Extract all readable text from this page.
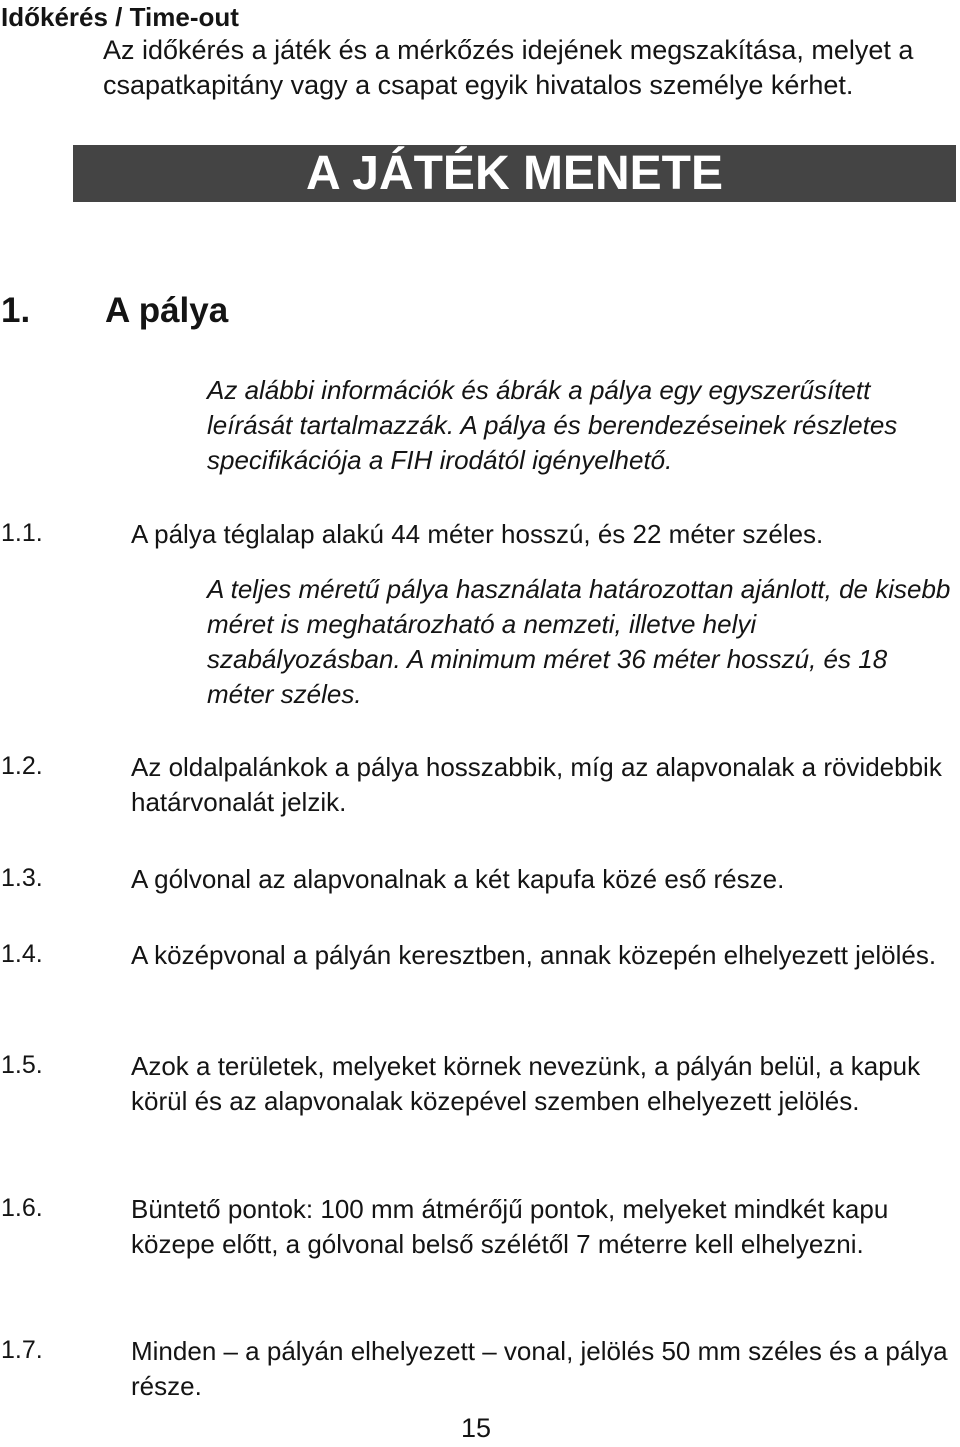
Időkérés / Time-out
Az időkérés a játék és a mérkőzés idejének megszakítása, melyet a csapatkapitány vagy a csapat egyik hivatalos személye kérhet.
A JÁTÉK MENETE
1. A pálya
Az alábbi információk és ábrák a pálya egy egyszerűsített leírását tartalmazzák. A pálya és berendezéseinek részletes specifikációja a FIH irodától igényelhető.
1.1.	A pálya téglalap alakú 44 méter hosszú, és 22 méter széles.
A teljes méretű pálya használata határozottan ajánlott, de kisebb méret is meghatározható a nemzeti, illetve helyi szabályozásban. A minimum méret 36 méter hosszú, és 18 méter széles.
1.2.	Az oldalpalánkok a pálya hosszabbik, míg az alapvonalak a rövidebbik határvonalát jelzik.
1.3.	A gólvonal az alapvonalnak a két kapufa közé eső része.
1.4.	A középvonal a pályán keresztben, annak közepén elhelyezett jelölés.
1.5.	Azok a területek, melyeket körnek nevezünk, a pályán belül, a kapuk körül és az alapvonalak közepével szemben elhelyezett jelölés.
1.6.	Büntető pontok: 100 mm átmérőjű pontok, melyeket mindkét kapu közepe előtt, a gólvonal belső szélétől 7 méterre kell elhelyezni.
1.7.	Minden – a pályán elhelyezett – vonal, jelölés 50 mm széles és a pálya része.
15
